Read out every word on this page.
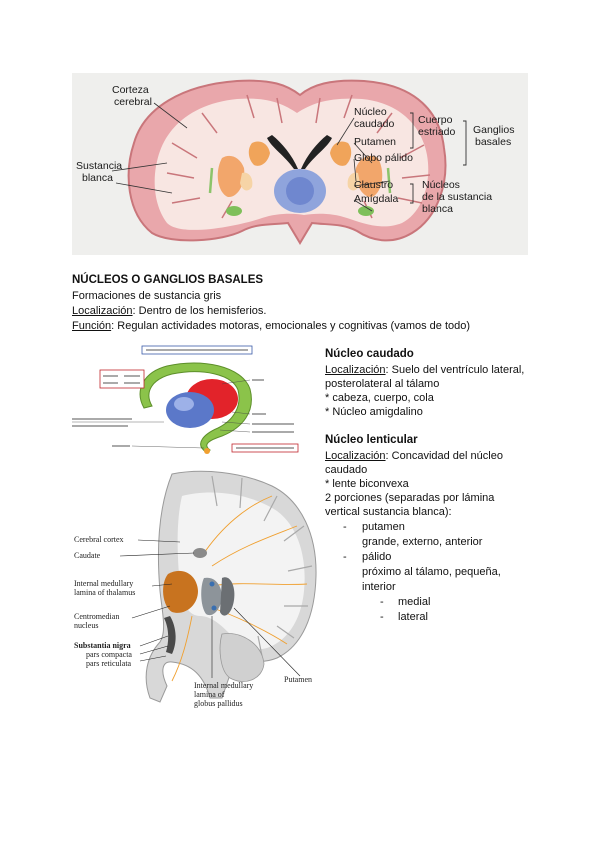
Corteza
cerebral
Sustancia
blanca
Núcleo
caudado
Putamen
Globo pálido
Claustro
Amígdala
Cuerpo
estriado Ganglios
basales
Núcleos
de la sustancia
blanca
NÚCLEOS O GANGLIOS BASALES
Formaciones de sustancia gris
Localización: Dentro de los hemisferios.
Función: Regulan actividades motoras, emocionales y cognitivas (vamos de todo)
Cerebral cortex
Caudate
Internal medullary
lamina of thalamus
Centromedian
nucleus
Substantia nigra
pars compacta
pars reticulata
Putamen
Internal medullary
lamina of
globus pallidus
Núcleo caudado
Localización: Suelo del ventrículo lateral,
posterolateral al tálamo
* cabeza, cuerpo, cola
* Núcleo amigdalino
Núcleo lenticular
Localización: Concavidad del núcleo
caudado
* lente biconvexa
2 porciones (separadas por lámina
vertical sustancia blanca):
- putamen
grande, externo, anterior
- pálido
próximo al tálamo, pequeña,
interior
- medial
- lateral
